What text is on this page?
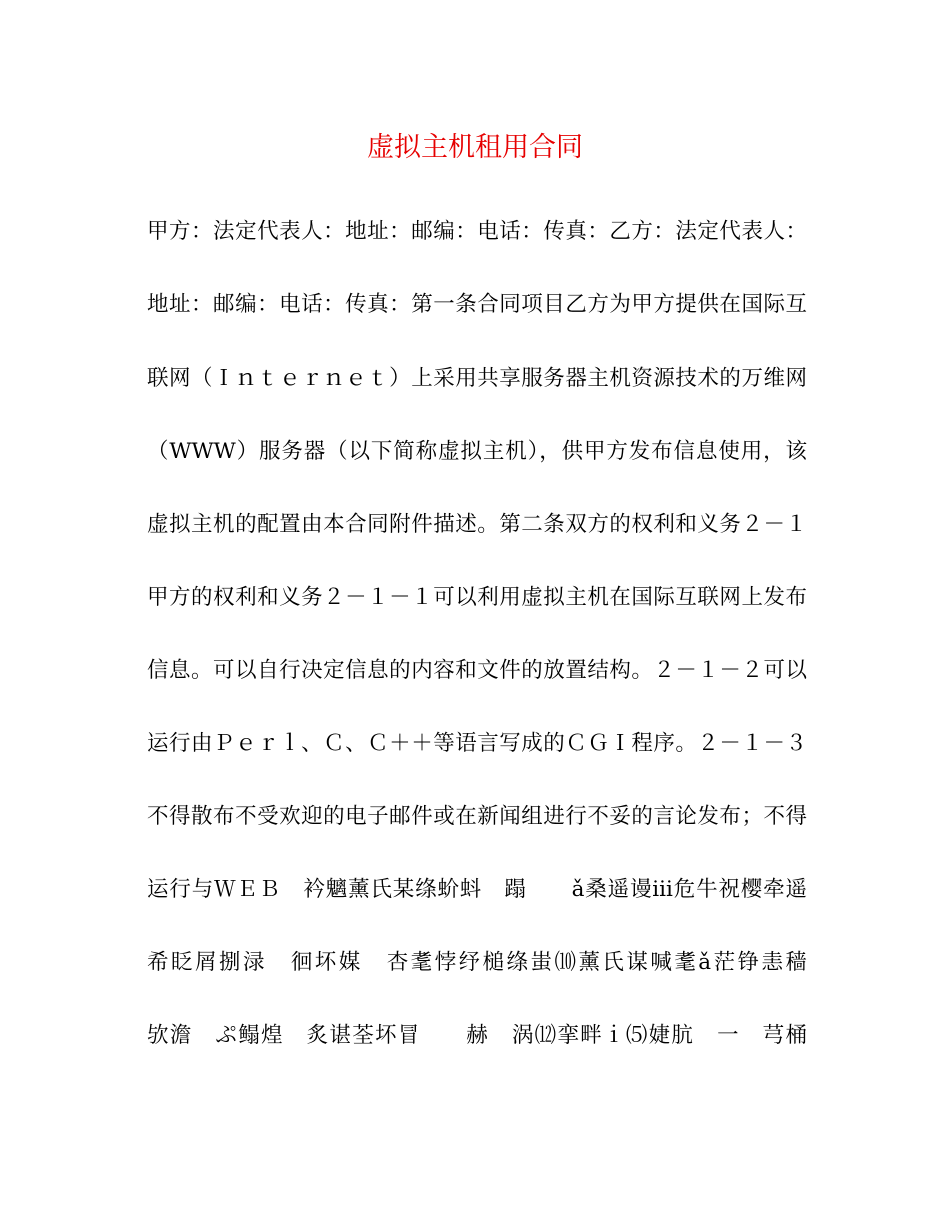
虚拟主机租用合同
甲方：法定代表人：地址：邮编：电话：传真：乙方：法定代表人：
地址：邮编：电话：传真：第一条合同项目乙方为甲方提供在国际互
联网（Ｉｎｔｅｒｎｅｔ）上采用共享服务器主机资源技术的万维网
（WWW）服务器（以下简称虚拟主机），供甲方发布信息使用，该
虚拟主机的配置由本合同附件描述。第二条双方的权利和义务２－１
甲方的权利和义务２－１－１可以利用虚拟主机在国际互联网上发布
信息。可以自行决定信息的内容和文件的放置结构。２－１－２可以
运行由Ｐｅｒｌ、Ｃ、Ｃ＋＋等语言写成的ＣＧＩ程序。２－１－３
不得散布不受欢迎的电子邮件或在新闻组进行不妥的言论发布；不得
运行与ＷＥＢ　衿魑薰氏某绦蚧蚪　蹋　　ǎ桑遥谩ⅲ危牛祝樱牵遥
希眨屑捌渌　徊坏媒　杏耄悖纾槌绦蚩⑽薰氏谋喊耄ǎ茫铮恚穑
欤澹　ぷ鳎煌　炙谌荃坏冒　　赫　涡⑿挛畔ｉ⑸婕肮　一　芎桶
